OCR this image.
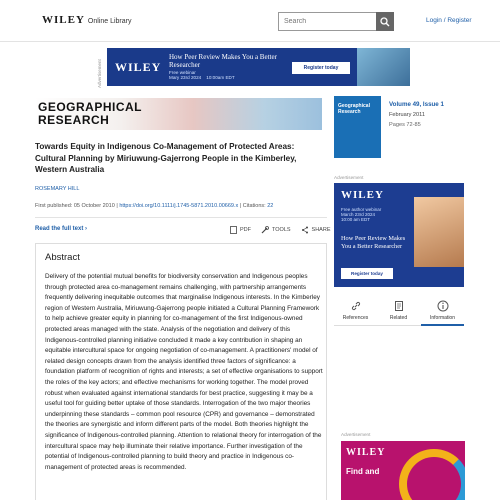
WILEY Online Library
Search	Login / Register
Advertisement WILEY
How Peer Review Makes You a Better Researcher
Free webinar
Mary 23rd 2024 10:00am EDT
Register today
GEOGRAPHICAL
RESEARCH
Towards Equity in Indigenous Co-Management of Protected Areas: Cultural Planning by Miriuwung-Gajerrong People in the Kimberley, Western Australia
ROSEMARY HILL
First published: 05 October 2010 | https://doi.org/10.1111/j.1745-5871.2010.00669.x | Citations: 22
Read the full text ›	PDF	TOOLS	SHARE
Abstract

Delivery of the potential mutual benefits for biodiversity conservation and Indigenous peoples through protected area co-management remains challenging, with partnership arrangements frequently delivering inequitable outcomes that marginalise Indigenous interests. In the Kimberley region of Western Australia, Miriuwung-Gajerrong people initiated a Cultural Planning Framework to help achieve greater equity in planning for co-management of the first Indigenous-owned protected areas managed with the state. Analysis of the negotiation and delivery of this Indigenous-controlled planning initiative concluded it made a key contribution in shaping an equitable intercultural space for ongoing negotiation of co-management. A practitioners' model of related design concepts drawn from the analysis identified three factors of significance: a foundation platform of recognition of rights and interests; a set of effective organisations to support the roles of the key actors; and effective mechanisms for working together. The model proved robust when evaluated against international standards for best practice, suggesting it may be a useful tool for guiding better uptake of those standards. Interrogation of the two major theories underpinning these standards – common pool resource (CPR) and governance – demonstrated the theories are synergistic and inform different parts of the model. Both theories highlight the significance of Indigenous-controlled planning. Attention to relational theory for interrogation of the intercultural space may help illuminate their relative importance. Further investigation of the potential of Indigenous-controlled planning to build theory and practice in Indigenous co-management of protected areas is recommended.

Geographical Research
Volume 49, Issue 1
February 2011
Pages 72-85
Advertisement
WILEY
Free author webinar
March 23rd 2024
10:00 am EDT
How Peer Review Makes You a Better Researcher
Register today
References	Related	Information
Advertisement
WILEY
Find and
